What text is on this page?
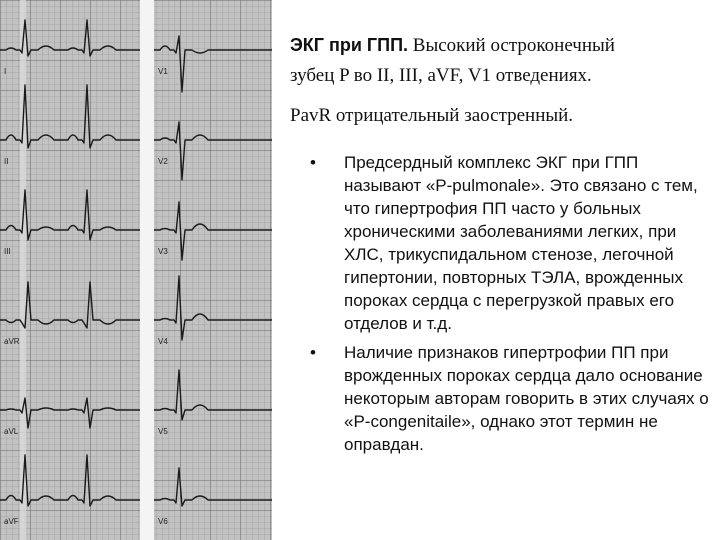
I
II
III
aVR
aVL
aVF
V1
V2
V3
V4
V5
V6

ЭКГ при ГПП. Высокий остроконечный

зубец P во II, III, aVF, V1 отведениях.

PavR отрицательный заостренный.

• Предсердный комплекс ЭКГ при ГПП называют «P-pulmonale». Это связано с тем, что гипертрофия ПП часто у больных хроническими заболеваниями легких, при ХЛС, трикуспидальном стенозе, легочной гипертонии, повторных ТЭЛА, врожденных пороках сердца с перегрузкой правых его отделов и т.д.
• Наличие признаков гипертрофии ПП при врожденных пороках сердца дало основание некоторым авторам говорить в этих случаях о «P-congenitaile», однако этот термин не оправдан.
